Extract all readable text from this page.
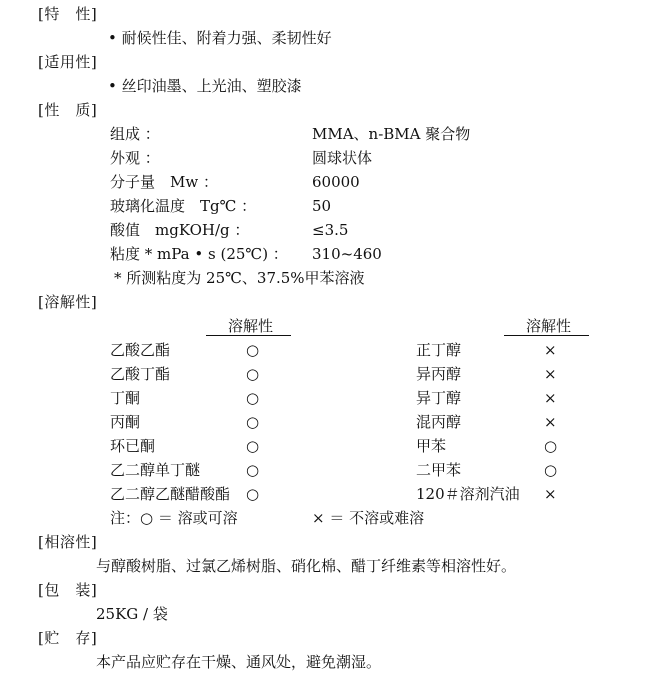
[特　性]
• 耐候性佳、附着力强、柔韧性好
[适用性]
• 丝印油墨、上光油、塑胶漆
[性　质]
组成 ：	MMA、n-BMA 聚合物
外观 ：	圆球状体
分子量　Mw ：	60000
玻璃化温度　Tg℃ ：	50
酸值　mgKOH/g ：	≤3.5
粘度 * mPa • s (25℃) ： 310~460
* 所测粘度为 25℃、37.5%甲苯溶液
[溶解性]
溶解性	溶解性
乙酸乙酯	○	正丁醇	×
乙酸丁酯	○	异丙醇	×
丁酮	○	异丁醇	×
丙酮	○	混丙醇	×
环已酮	○	甲苯	○
乙二醇单丁醚	○	二甲苯	○
乙二醇乙醚醋酸酯 ○	120＃溶剂汽油 ×
注：○ ＝ 溶或可溶	× ＝ 不溶或难溶
[相溶性]
与醇酸树脂、过氯乙烯树脂、硝化棉、醋丁纤维素等相溶性好。
[包　装]
25KG / 袋
[贮　存]
本产品应贮存在干燥、通风处，避免潮湿。
